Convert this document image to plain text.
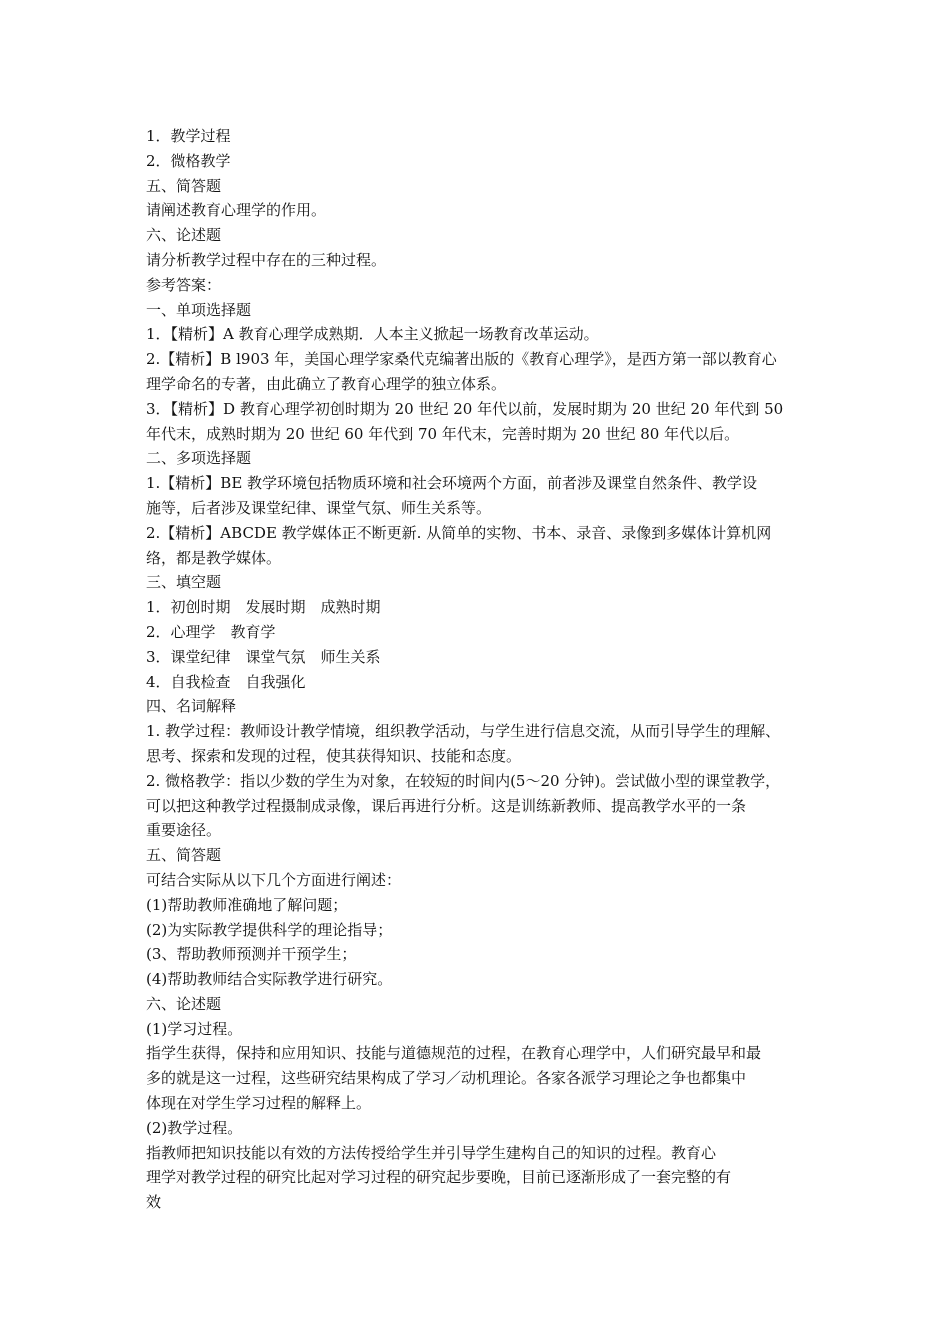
1．教学过程
2．微格教学
五、简答题
请阐述教育心理学的作用。
六、论述题
请分析教学过程中存在的三种过程。
参考答案：
一、单项选择题
1．【精析】A 教育心理学成熟期．人本主义掀起一场教育改革运动。
2.【精析】B l903 年，美国心理学家桑代克编著出版的《教育心理学》，是西方第一部以教育心
理学命名的专著，由此确立了教育心理学的独立体系。
3．【精析】D 教育心理学初创时期为 20 世纪 20 年代以前，发展时期为 20 世纪 20 年代到 50
年代末，成熟时期为 20 世纪 60 年代到 70 年代末，完善时期为 20 世纪 80 年代以后。
二、多项选择题
1.【精析】BE 教学环境包括物质环境和社会环境两个方面，前者涉及课堂自然条件、教学设
施等，后者涉及课堂纪律、课堂气氛、师生关系等。
2.【精析】ABCDE 教学媒体正不断更新. 从简单的实物、书本、录音、录像到多媒体计算机网
络，都是教学媒体。
三、填空题
1．初创时期　发展时期　成熟时期
2．心理学　教育学
3．课堂纪律　课堂气氛　师生关系
4．自我检查　自我强化
四、名词解释
1. 教学过程：教师设计教学情境，组织教学活动，与学生进行信息交流，从而引导学生的理解、
思考、探索和发现的过程，使其获得知识、技能和态度。
2. 微格教学：指以少数的学生为对象，在较短的时间内(5～20 分钟)。尝试做小型的课堂教学，
可以把这种教学过程摄制成录像，课后再进行分析。这是训练新教师、提高教学水平的一条
重要途径。
五、简答题
可结合实际从以下几个方面进行阐述：
(1)帮助教师准确地了解问题；
(2)为实际教学提供科学的理论指导；
(3、帮助教师预测并干预学生；
(4)帮助教师结合实际教学进行研究。
六、论述题
(1)学习过程。
指学生获得，保持和应用知识、技能与道德规范的过程，在教育心理学中，人们研究最早和最
多的就是这一过程，这些研究结果构成了学习／动机理论。各家各派学习理论之争也都集中
体现在对学生学习过程的解释上。
(2)教学过程。
指教师把知识技能以有效的方法传授给学生并引导学生建构自己的知识的过程。教育心
理学对教学过程的研究比起对学习过程的研究起步要晚，目前已逐渐形成了一套完整的有
效
